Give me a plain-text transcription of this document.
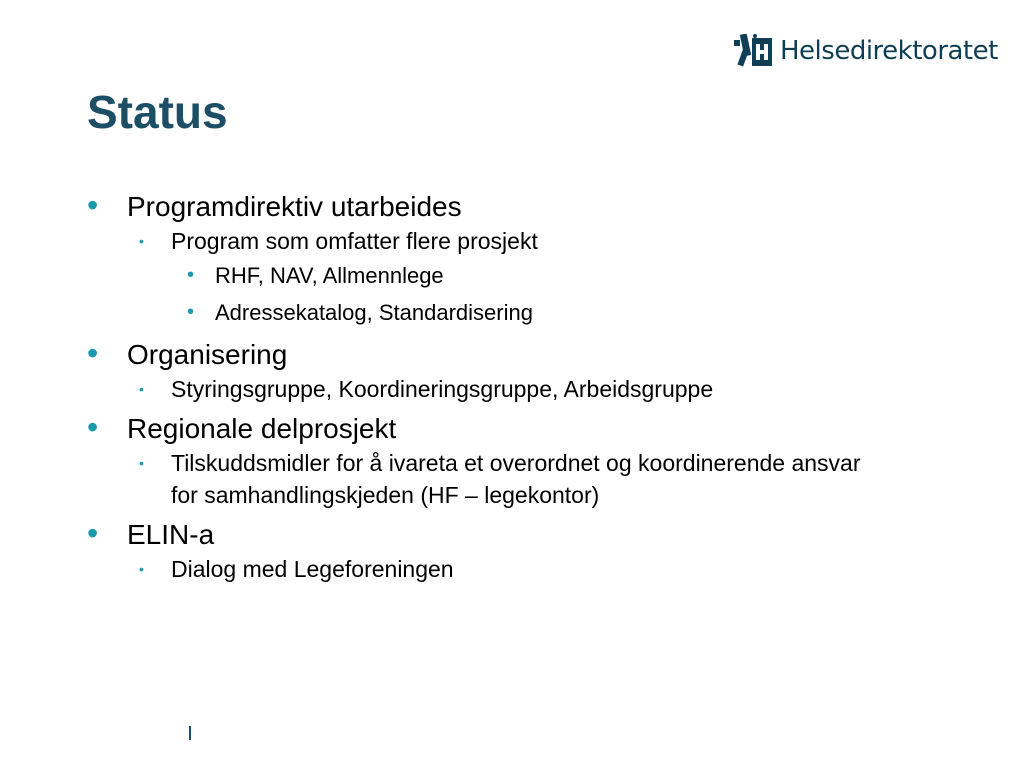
Helsedirektoratet
Status
• Programdirektiv utarbeides
• Program som omfatter flere prosjekt
• RHF, NAV, Allmennlege
• Adressekatalog, Standardisering
• Organisering
• Styringsgruppe, Koordineringsgruppe, Arbeidsgruppe
• Regionale delprosjekt
• Tilskuddsmidler for å ivareta et overordnet og koordinerende ansvar for samhandlingskjeden (HF – legekontor)
• ELIN-a
• Dialog med Legeforeningen
